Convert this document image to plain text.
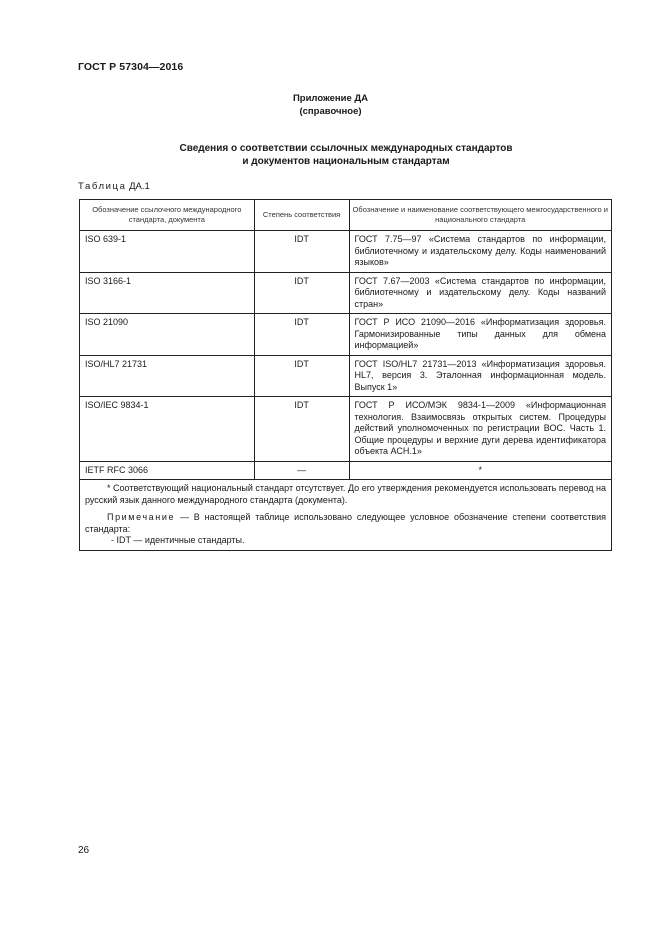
ГОСТ Р 57304—2016
Приложение ДА
(справочное)
Сведения о соответствии ссылочных международных стандартов
и документов национальным стандартам
Таблица ДА.1
Обозначение ссылочного международного стандарта, документа	Степень соответствия	Обозначение и наименование соответствующего межгосударственного и национального стандарта
ISO 639-1	IDT	ГОСТ 7.75—97 «Система стандартов по информации, библиотечному и издательскому делу. Коды наименований языков»
ISO 3166-1	IDT	ГОСТ 7.67—2003 «Система стандартов по информации, библиотечному и издательскому делу. Коды названий стран»
ISO 21090	IDT	ГОСТ Р ИСО 21090—2016 «Информатизация здоровья. Гармонизированные типы данных для обмена информацией»
ISO/HL7 21731	IDT	ГОСТ ISO/HL7 21731—2013 «Информатизация здоровья. HL7, версия 3. Эталонная информационная модель. Выпуск 1»
ISO/IEC 9834-1	IDT	ГОСТ Р ИСО/МЭК 9834-1—2009 «Информационная технология. Взаимосвязь открытых систем. Процедуры действий уполномоченных по регистрации ВОС. Часть 1. Общие процедуры и верхние дуги дерева идентификатора объекта АСН.1»
IETF RFC 3066	—	*

* Соответствующий национальный стандарт отсутствует. До его утверждения рекомендуется использовать перевод на русский язык данного международного стандарта (документа).

Примечание — В настоящей таблице использовано следующее условное обозначение степени соответствия стандарта:

- IDT — идентичные стандарты.		

26
